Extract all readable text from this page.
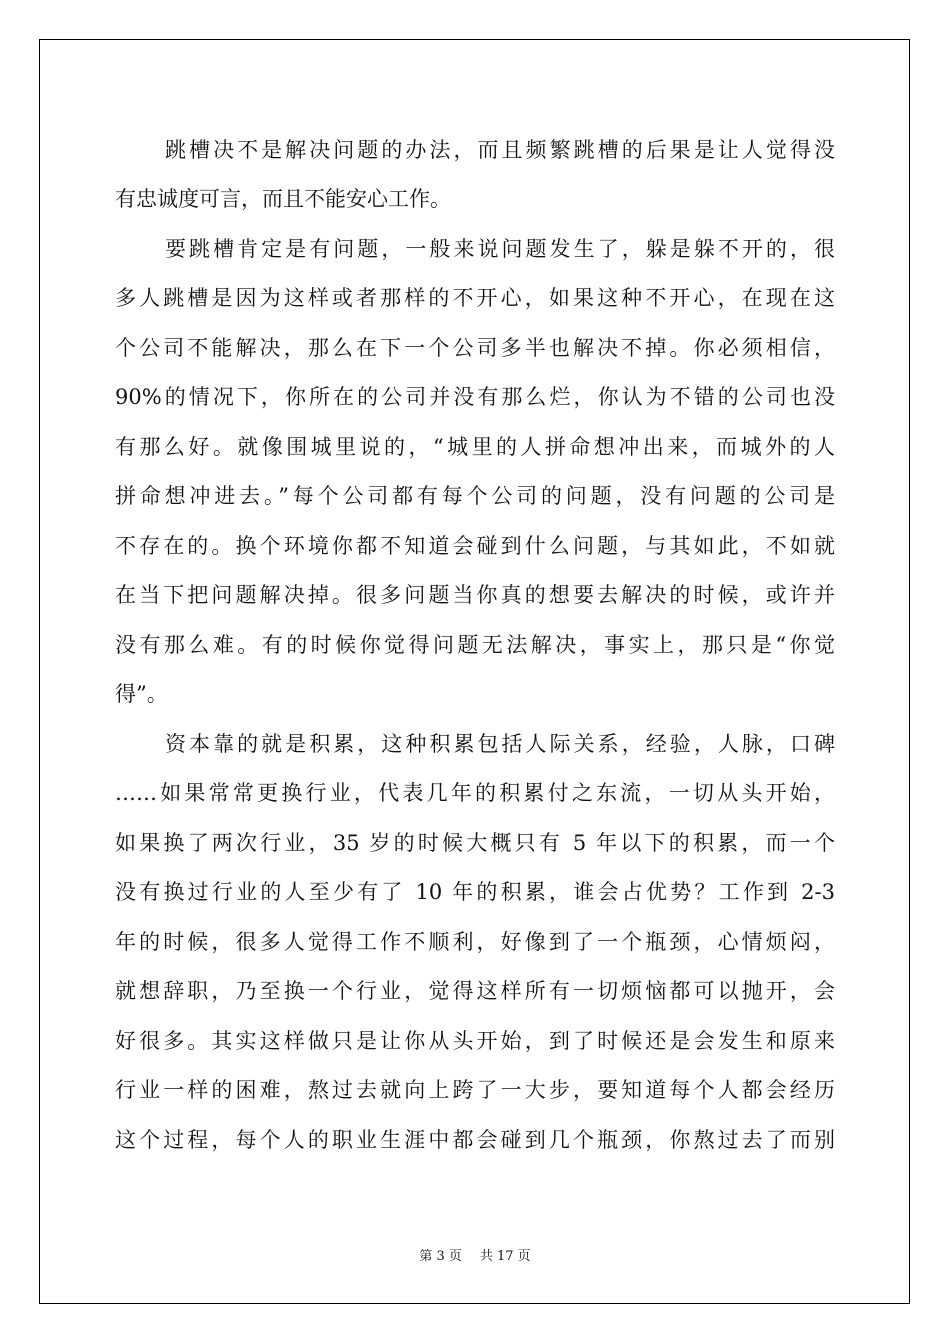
跳槽决不是解决问题的办法，而且频繁跳槽的后果是让人觉得没
有忠诚度可言，而且不能安心工作。
要跳槽肯定是有问题，一般来说问题发生了，躲是躲不开的，很
多人跳槽是因为这样或者那样的不开心，如果这种不开心，在现在这
个公司不能解决，那么在下一个公司多半也解决不掉。你必须相信，
90%的情况下，你所在的公司并没有那么烂，你认为不错的公司也没
有那么好。就像围城里说的，“城里的人拼命想冲出来，而城外的人
拼命想冲进去。”每个公司都有每个公司的问题，没有问题的公司是
不存在的。换个环境你都不知道会碰到什么问题，与其如此，不如就
在当下把问题解决掉。很多问题当你真的想要去解决的时候，或许并
没有那么难。有的时候你觉得问题无法解决，事实上，那只是“你觉
得”。
资本靠的就是积累，这种积累包括人际关系，经验，人脉，口碑
……如果常常更换行业，代表几年的积累付之东流，一切从头开始，
如果换了两次行业，35 岁的时候大概只有 5 年以下的积累，而一个
没有换过行业的人至少有了 10 年的积累，谁会占优势？工作到 2-3
年的时候，很多人觉得工作不顺利，好像到了一个瓶颈，心情烦闷，
就想辞职，乃至换一个行业，觉得这样所有一切烦恼都可以抛开，会
好很多。其实这样做只是让你从头开始，到了时候还是会发生和原来
行业一样的困难，熬过去就向上跨了一大步，要知道每个人都会经历
这个过程，每个人的职业生涯中都会碰到几个瓶颈，你熬过去了而别
第 3 页 共 17 页
